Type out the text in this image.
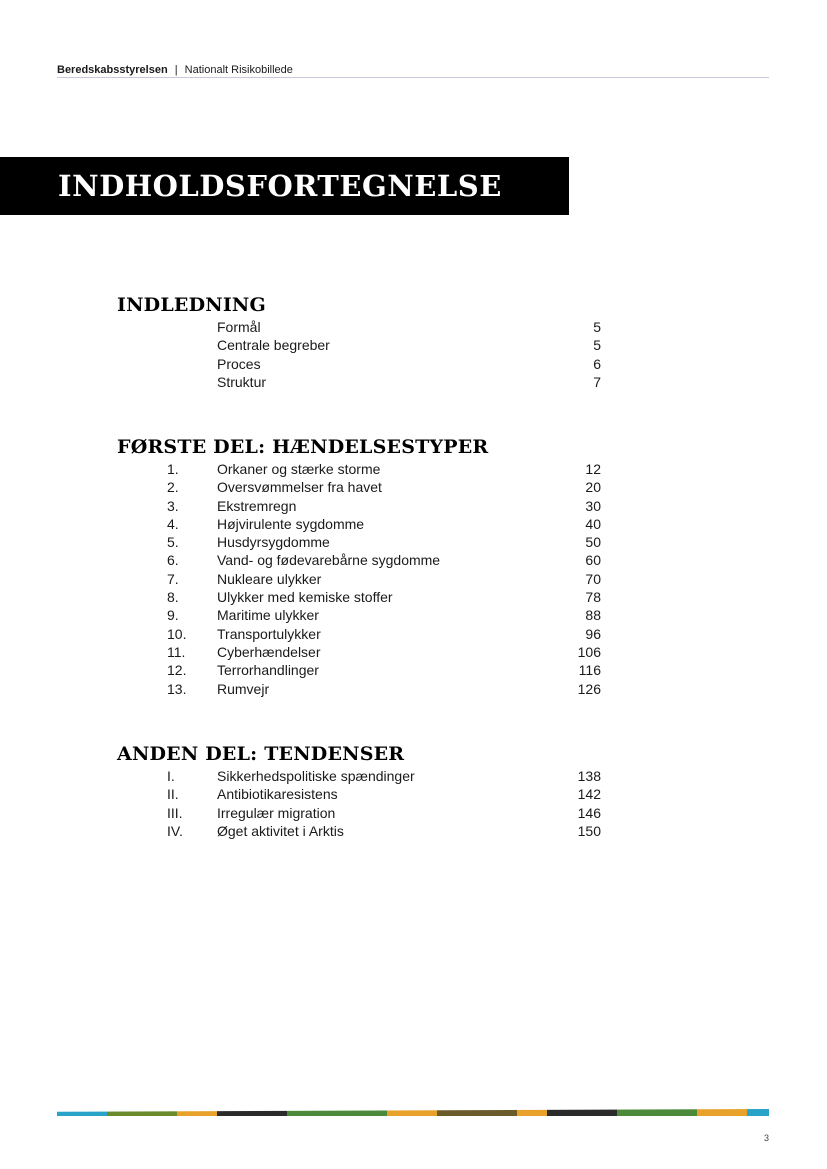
Beredskabsstyrelsen | Nationalt Risikobillede
INDHOLDSFORTEGNELSE
INDLEDNING
Formål	5
Centrale begreber	5
Proces	6
Struktur	7
FØRSTE DEL: HÆNDELSESTYPER
1.	Orkaner og stærke storme	12
2.	Oversvømmelser fra havet	20
3.	Ekstremregn	30
4.	Højvirulente sygdomme	40
5.	Husdyrsygdomme	50
6.	Vand- og fødevarebårne sygdomme	60
7.	Nukleare ulykker	70
8.	Ulykker med kemiske stoffer	78
9.	Maritime ulykker	88
10. Transportulykker	96
11. Cyberhændelser	106
12. Terrorhandlinger	116
13. Rumvejr	126
ANDEN DEL: TENDENSER
I.	Sikkerhedspolitiske spændinger	138
II.	Antibiotikaresistens	142
III. Irregulær migration	146
IV. Øget aktivitet i Arktis	150
3
